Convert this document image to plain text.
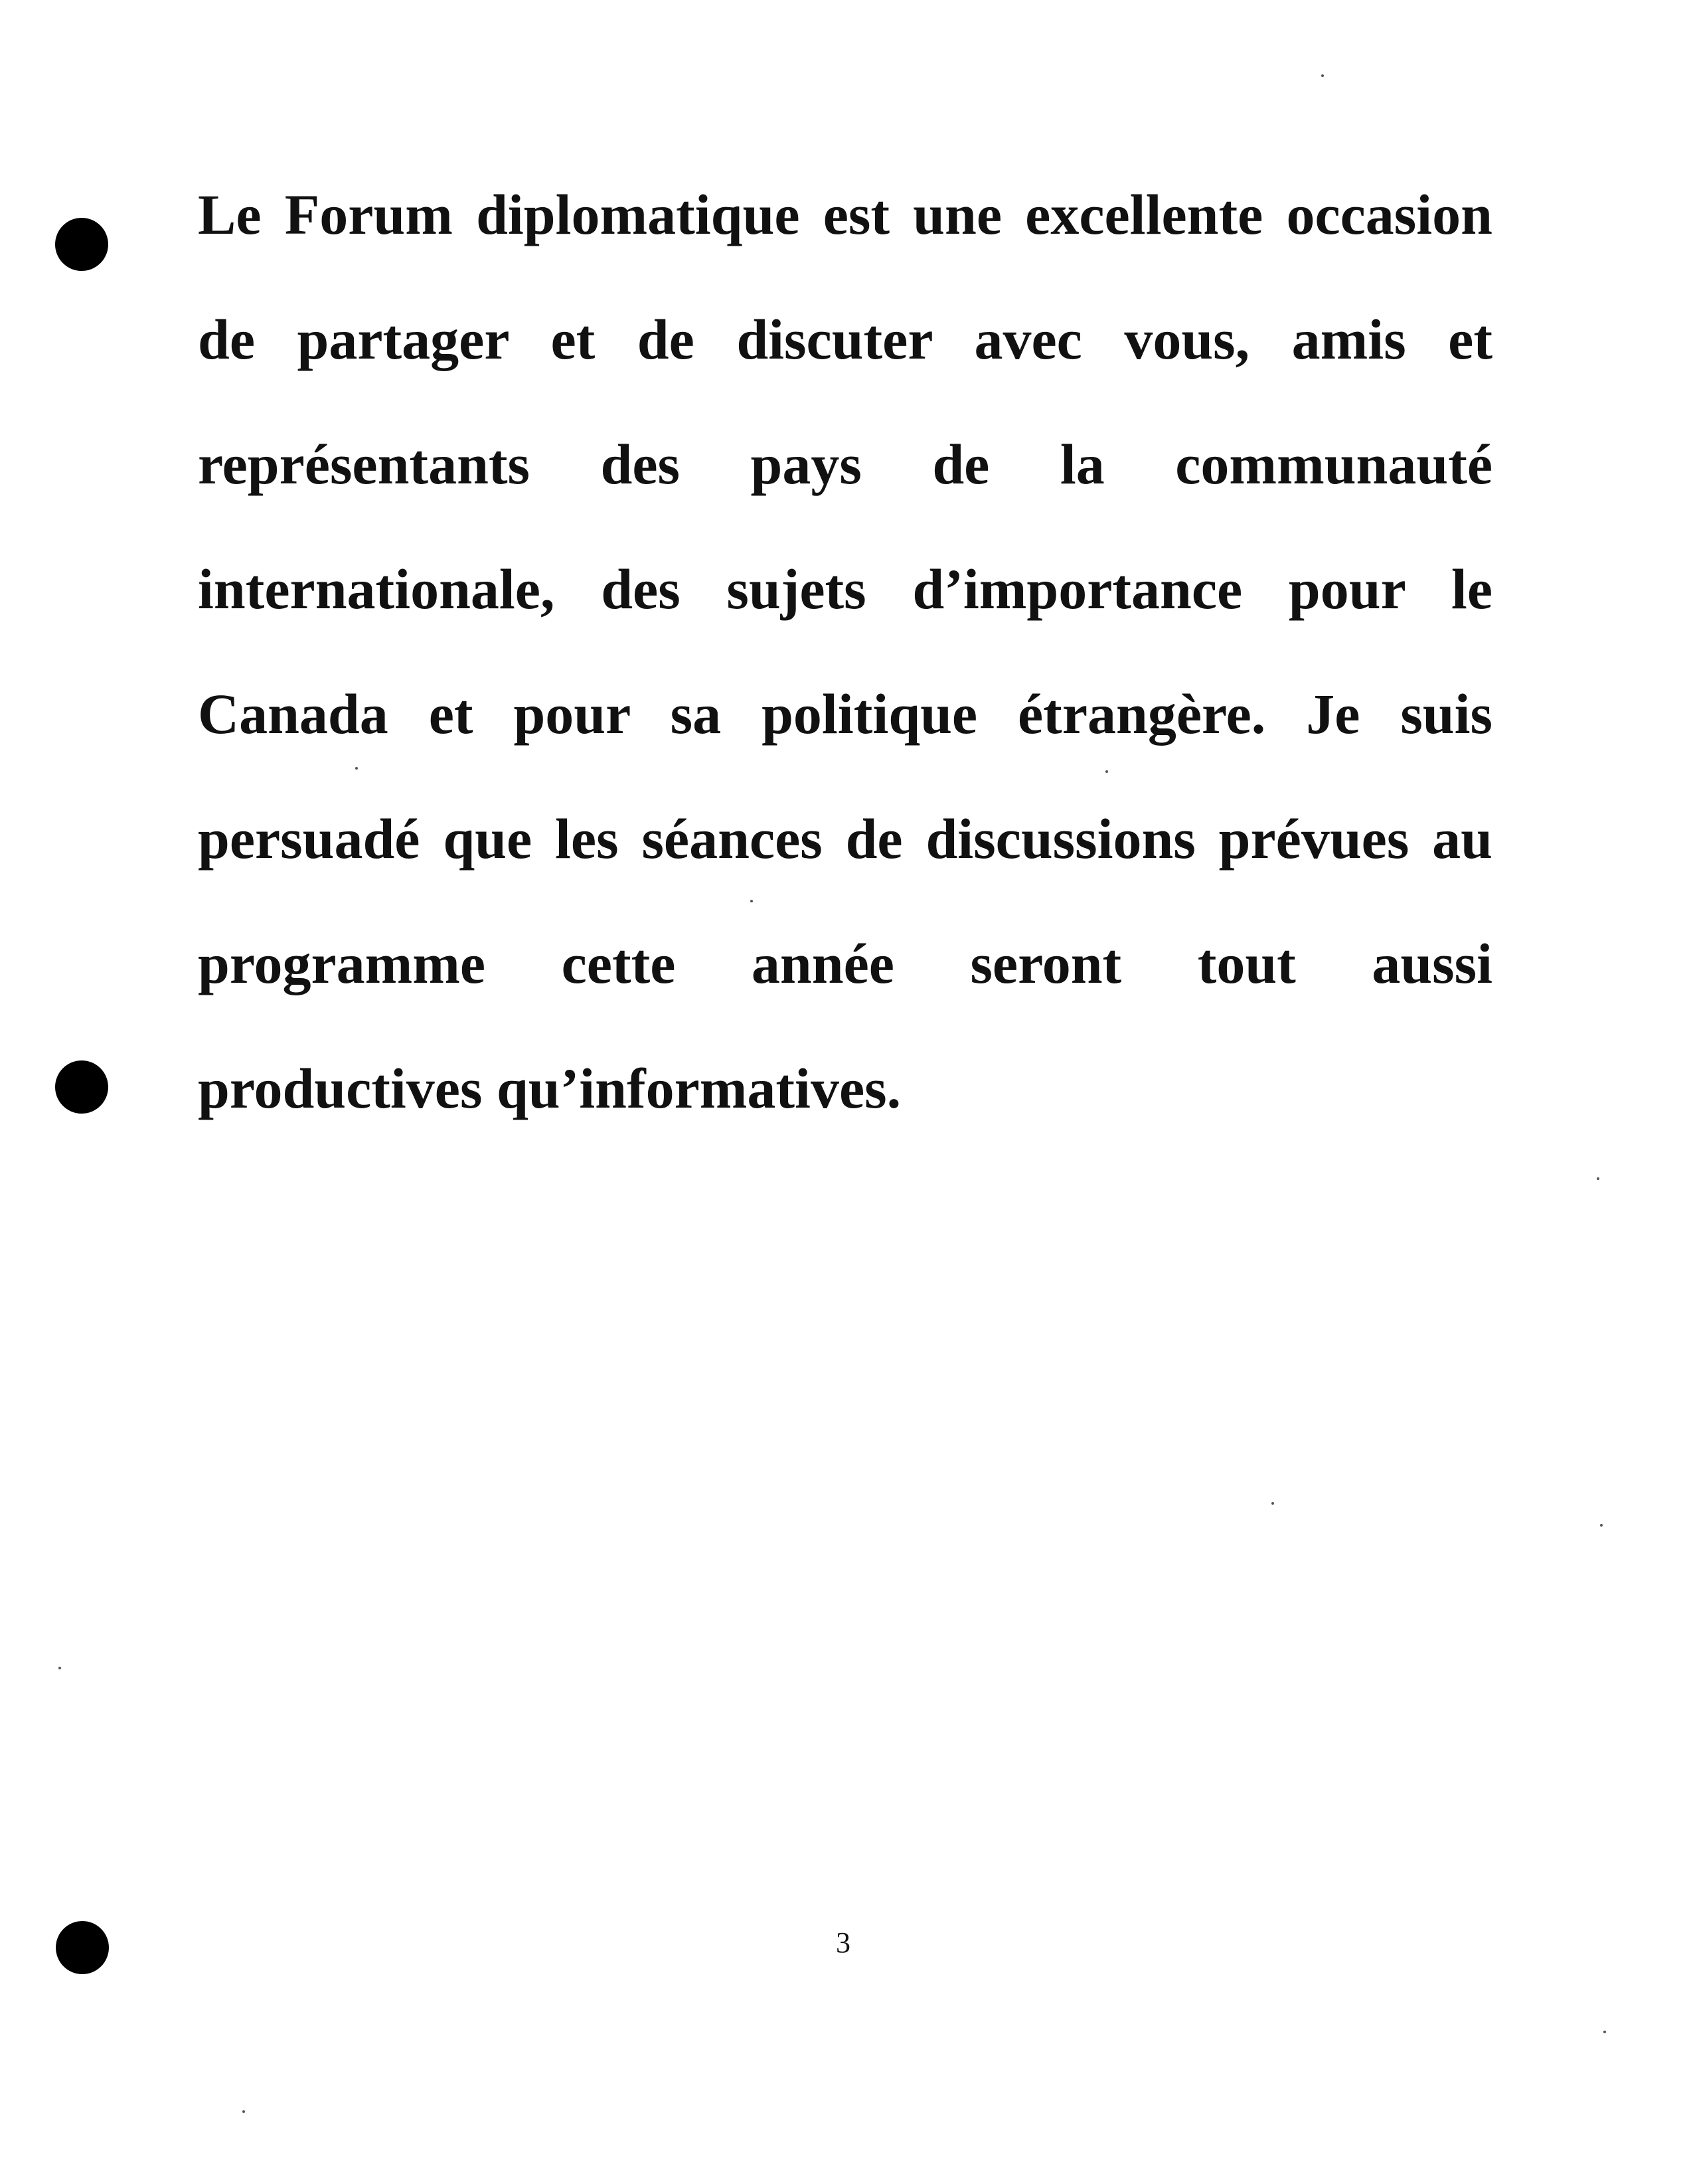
Le Forum diplomatique est une excellente occasion
de partager et de discuter avec vous, amis et
représentants des pays de la communauté
internationale, des sujets d’importance pour le
Canada et pour sa politique étrangère. Je suis
persuadé que les séances de discussions prévues au
programme cette année seront tout aussi
productives qu’informatives.
3
